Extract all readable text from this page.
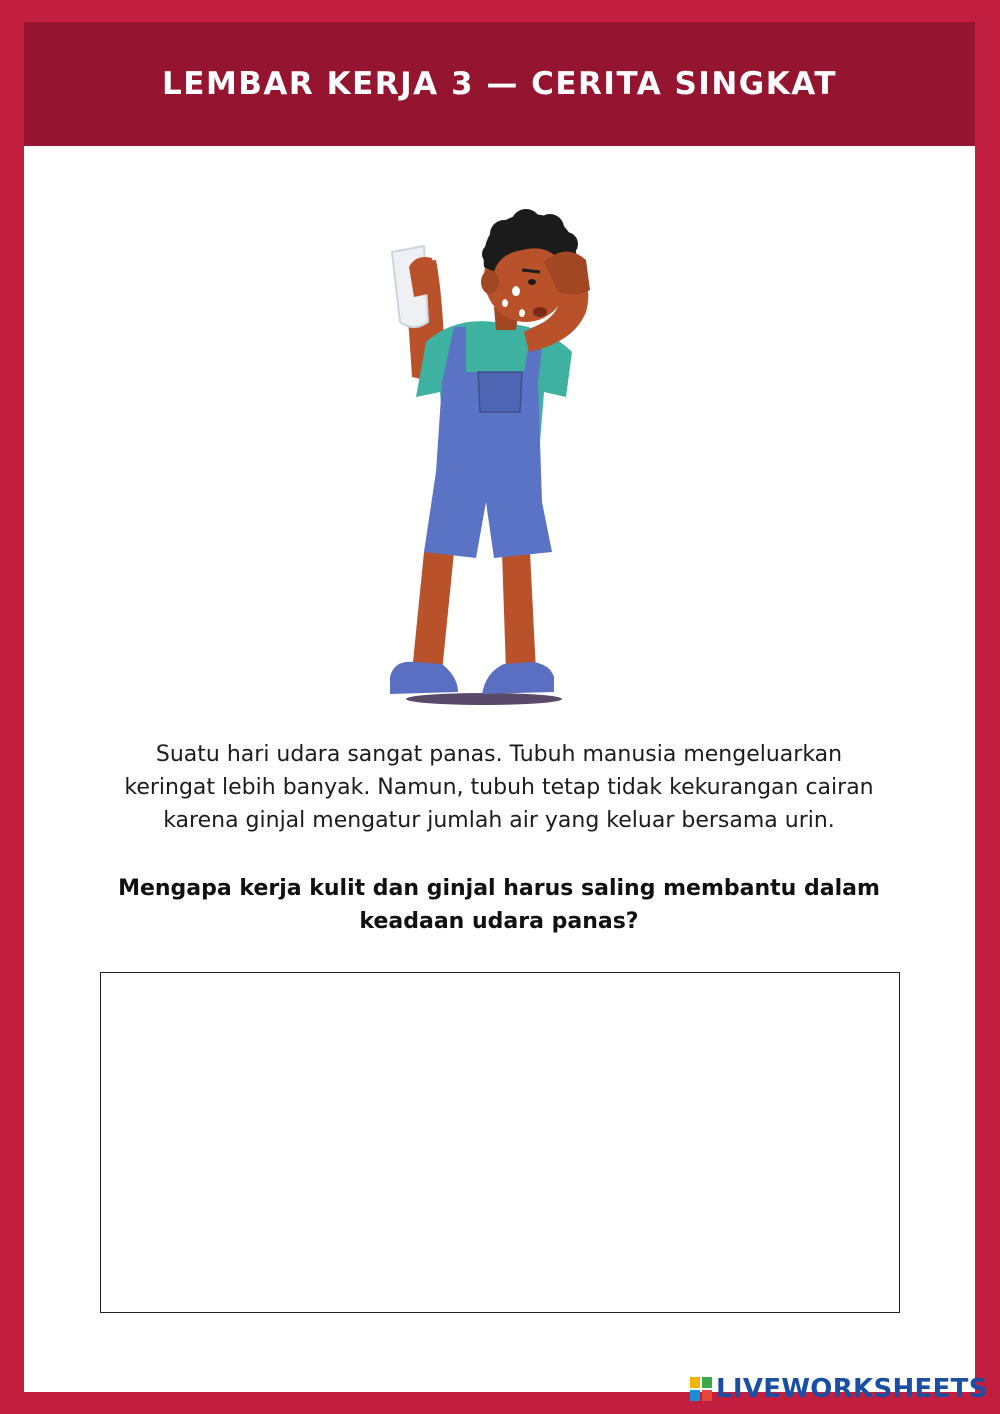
LEMBAR KERJA 3 — CERITA SINGKAT
Suatu hari udara sangat panas. Tubuh manusia mengeluarkan
keringat lebih banyak. Namun, tubuh tetap tidak kekurangan cairan
karena ginjal mengatur jumlah air yang keluar bersama urin.
Mengapa kerja kulit dan ginjal harus saling membantu dalam
keadaan udara panas?
LIVEWORKSHEETS
